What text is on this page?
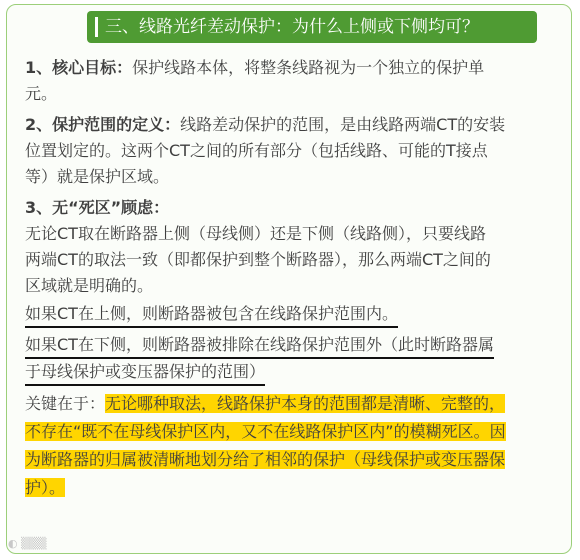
三、线路光纤差动保护：为什么上侧或下侧均可？
1、核心目标：保护线路本体，将整条线路视为一个独立的保护单
元。
2、保护范围的定义：线路差动保护的范围，是由线路两端CT的安装
位置划定的。这两个CT之间的所有部分（包括线路、可能的T接点
等）就是保护区域。
3、无“死区”顾虑：
无论CT取在断路器上侧（母线侧）还是下侧（线路侧），只要线路
两端CT的取法一致（即都保护到整个断路器），那么两端CT之间的
区域就是明确的。
如果CT在上侧，则断路器被包含在线路保护范围内。
如果CT在下侧，则断路器被排除在线路保护范围外（此时断路器属
于母线保护或变压器保护的范围）
关键在于：无论哪种取法，线路保护本身的范围都是清晰、完整的，
不存在“既不在母线保护区内，又不在线路保护区内”的模糊死区。因
为断路器的归属被清晰地划分给了相邻的保护（母线保护或变压器保
护）。
◐ ▒▒▒
